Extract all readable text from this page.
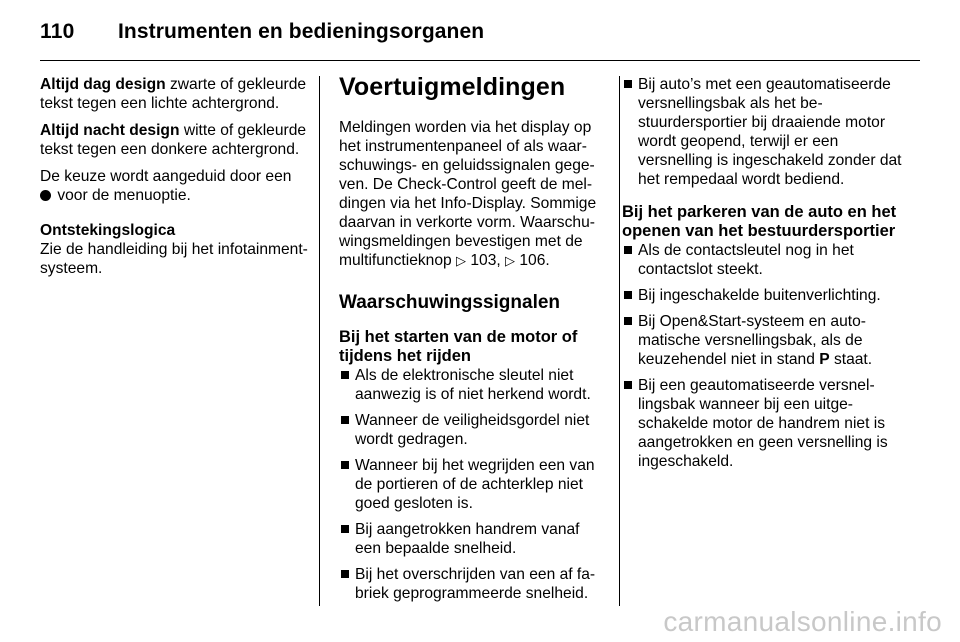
110 Instrumenten en bedieningsorganen

Altijd dag design zwarte of gekleurde tekst tegen een lichte achtergrond.

Altijd nacht design witte of gekleurde tekst tegen een donkere achtergrond.

De keuze wordt aangeduid door een
voor de menuoptie.

Ontstekingslogica

Zie de handleiding bij het infotainment-systeem.

Voertuigmeldingen

Meldingen worden via het display op het instrumentenpaneel of als waarschuwings- en geluidssignalen gegeven. De Check-Control geeft de meldingen via het Info-Display. Sommige daarvan in verkorte vorm. Waarschuwingsmeldingen bevestigen met de multifunctieknop ▷ 103, ▷ 106.

Waarschuwingssignalen
Bij het starten van de motor of tijdens het rijden
Als de elektronische sleutel niet aanwezig is of niet herkend wordt.
Wanneer de veiligheidsgordel niet wordt gedragen.
Wanneer bij het wegrijden een van de portieren of de achterklep niet goed gesloten is.
Bij aangetrokken handrem vanaf een bepaalde snelheid.
Bij het overschrijden van een af fabriek geprogrammeerde snelheid.
Bij auto’s met een geautomatiseerde versnellingsbak als het bestuurdersportier bij draaiende motor wordt geopend, terwijl er een versnelling is ingeschakeld zonder dat het rempedaal wordt bediend.
Bij het parkeren van de auto en het openen van het bestuurdersportier
Als de contactsleutel nog in het contactslot steekt.
Bij ingeschakelde buitenverlichting.
Bij Open&Start-systeem en automatische versnellingsbak, als de keuzehendel niet in stand P staat.
Bij een geautomatiseerde versnellingsbak wanneer bij een uitgeschakelde motor de handrem niet is aangetrokken en geen versnelling is ingeschakeld.
carmanualsonline.info
